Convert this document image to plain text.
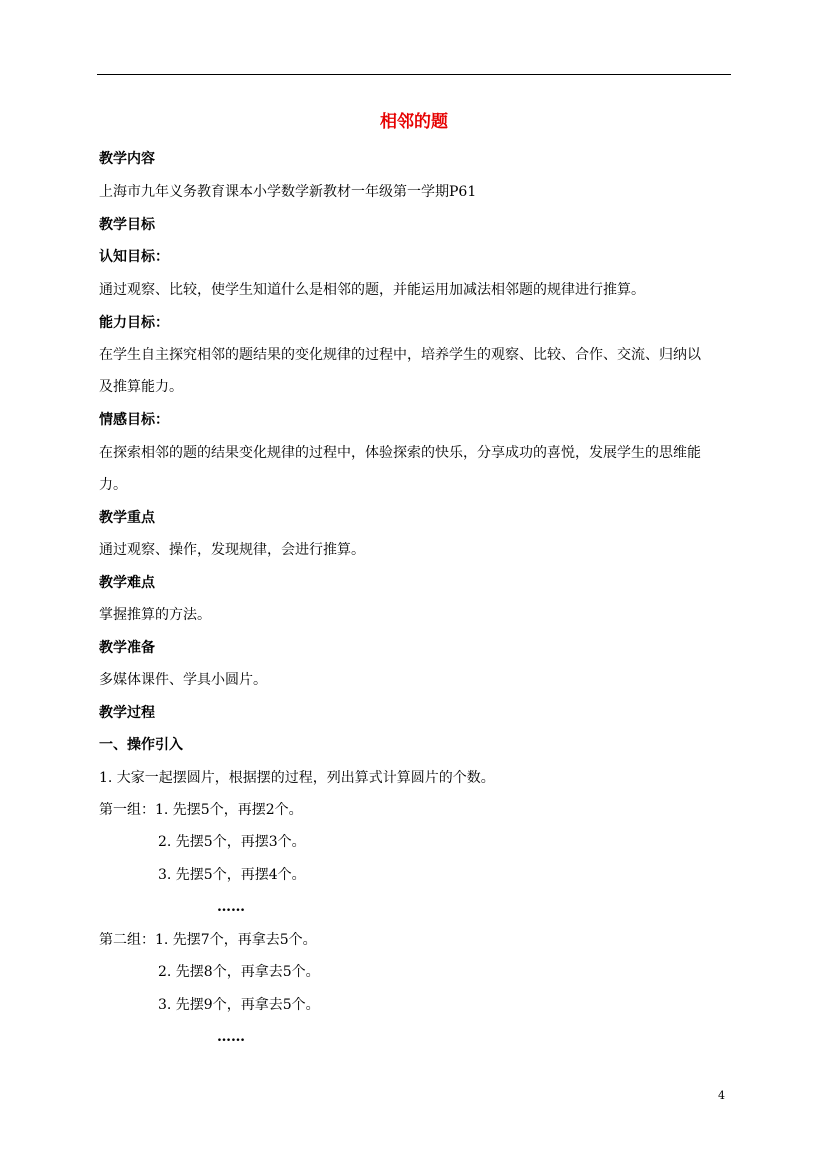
相邻的题
教学内容
上海市九年义务教育课本小学数学新教材一年级第一学期P61
教学目标
认知目标：
通过观察、比较，使学生知道什么是相邻的题，并能运用加减法相邻题的规律进行推算。
能力目标：
在学生自主探究相邻的题结果的变化规律的过程中，培养学生的观察、比较、合作、交流、归纳以
及推算能力。
情感目标：
在探索相邻的题的结果变化规律的过程中，体验探索的快乐，分享成功的喜悦，发展学生的思维能
力。
教学重点
通过观察、操作，发现规律，会进行推算。
教学难点
掌握推算的方法。
教学准备
多媒体课件、学具小圆片。
教学过程
一、操作引入
1. 大家一起摆圆片，根据摆的过程，列出算式计算圆片的个数。
第一组：1. 先摆5个，再摆2个。
2. 先摆5个，再摆3个。
3. 先摆5个，再摆4个。
……
第二组：1. 先摆7个，再拿去5个。
2. 先摆8个，再拿去5个。
3. 先摆9个，再拿去5个。
……
4
